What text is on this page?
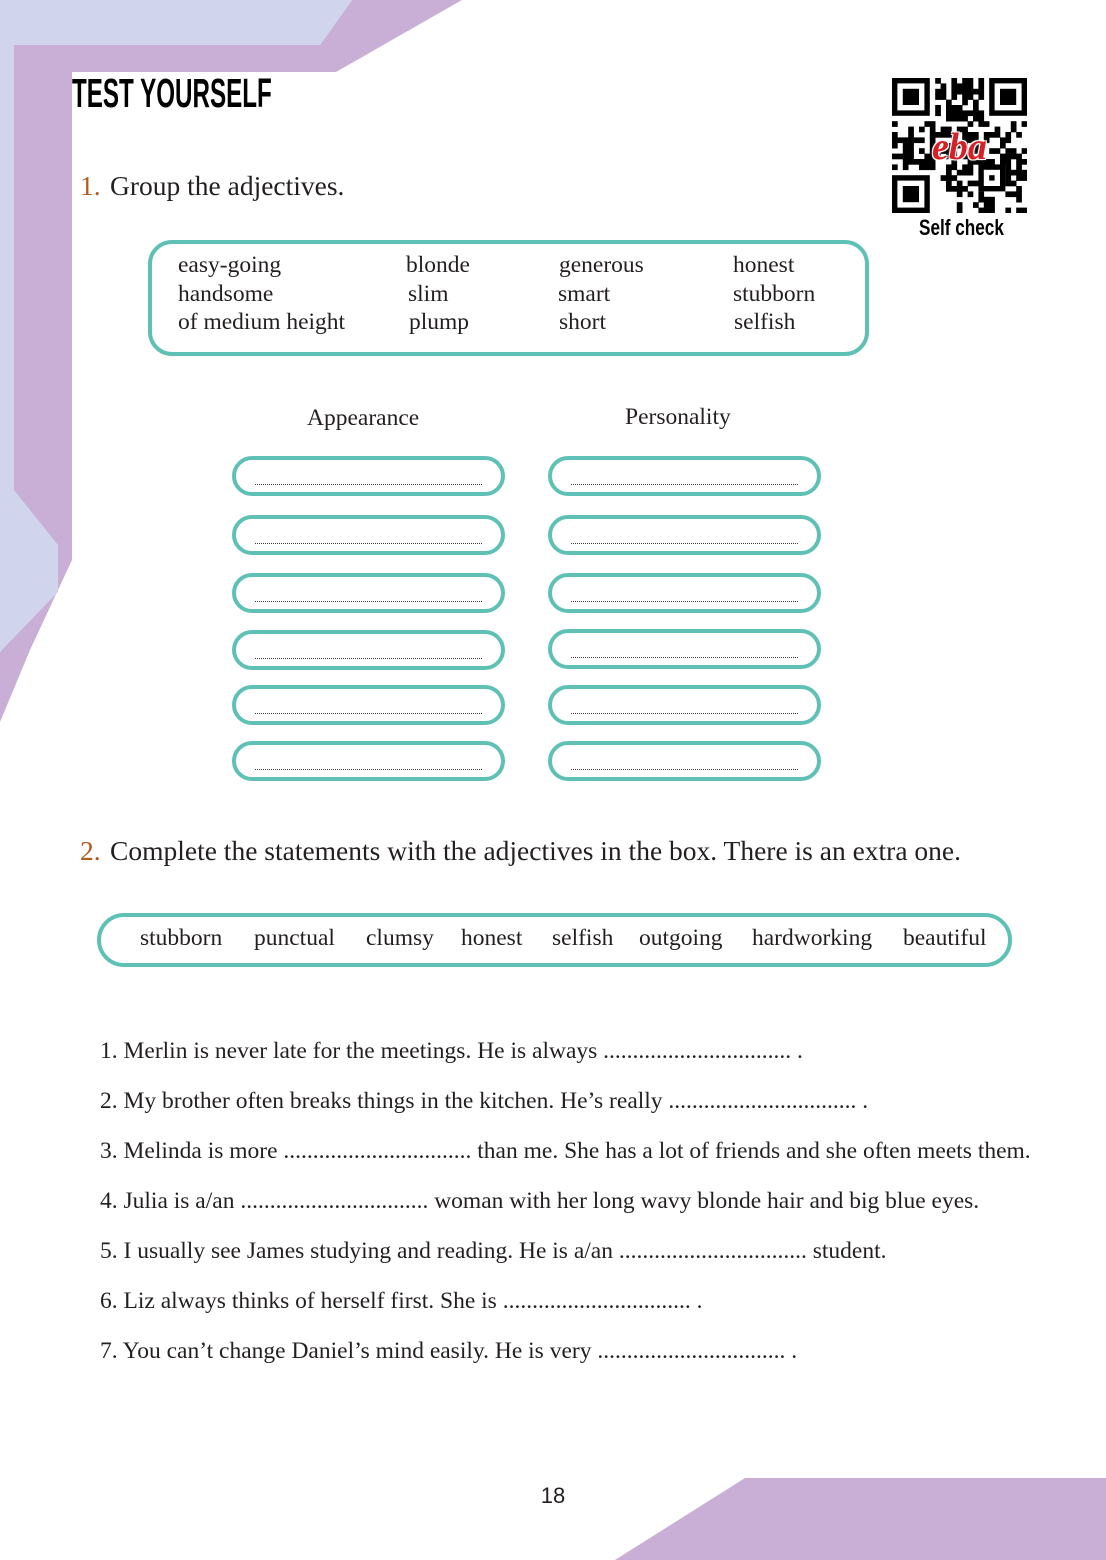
TEST YOURSELF
eba
Self check
1. Group the adjectives.
easy-going
handsome
of medium height
blonde
slim
plump
generous
smart
short
honest
stubborn
selfish
Appearance	Personality
2. Complete the statements with the adjectives in the box. There is an extra one.
stubborn punctual clumsy honest selfish outgoing hardworking beautiful
1. Merlin is never late for the meetings. He is always ................................ .
2. My brother often breaks things in the kitchen. He’s really ................................ .
3. Melinda is more ................................ than me. She has a lot of friends and she often meets them.
4. Julia is a/an ................................ woman with her long wavy blonde hair and big blue eyes.
5. I usually see James studying and reading. He is a/an ................................ student.
6. Liz always thinks of herself first. She is ................................ .
7. You can’t change Daniel’s mind easily. He is very ................................ .
18
